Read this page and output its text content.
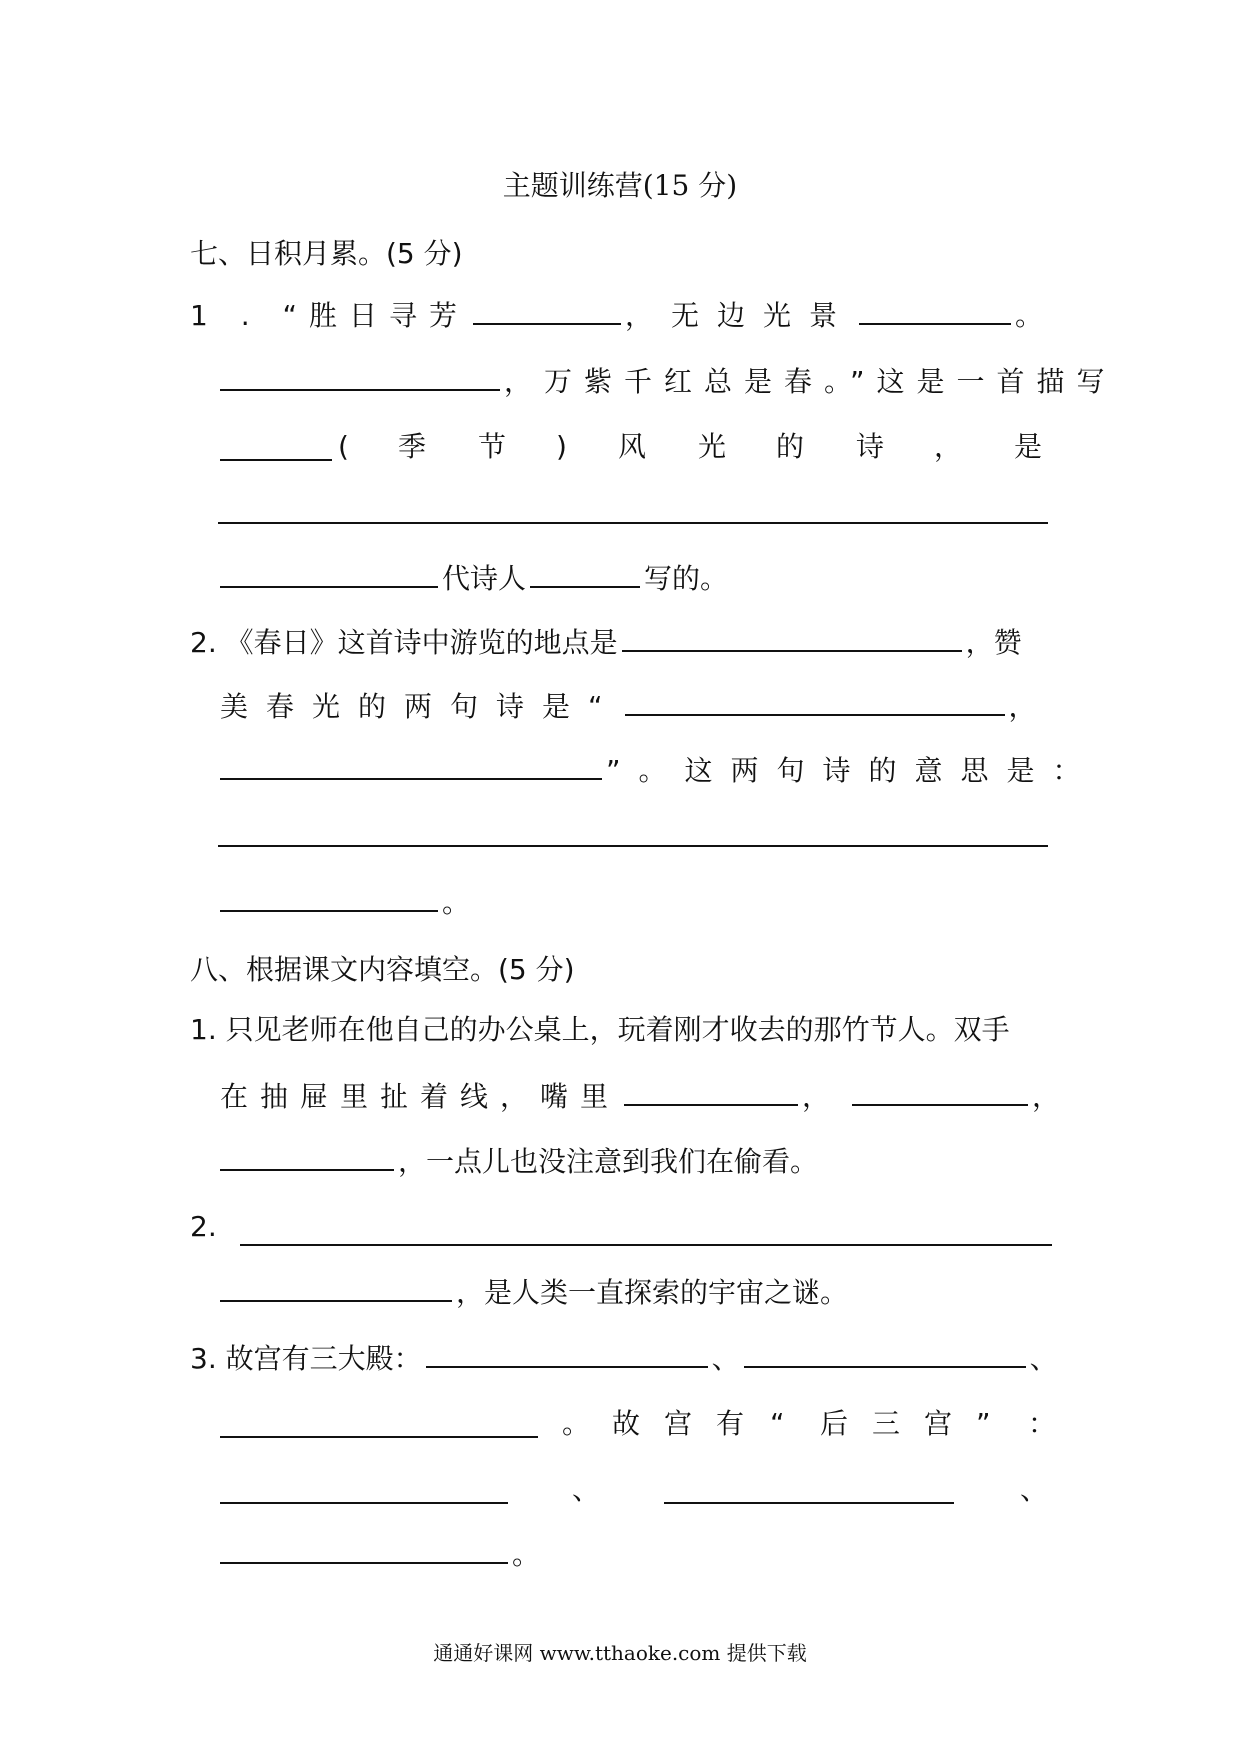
主题训练营(15 分)
七、日积月累。(5 分)
1 . “胜日寻芳	，无边光景	。
，万紫千红总是春。”这是一首描写
( 季 节 ) 风 光 的 诗 ， 是
代诗人	写的。
2. 《春日》这首诗中游览的地点是	，赞
美春光的两句诗是“	，
”。这两句诗的意思是：
。
八、根据课文内容填空。(5 分)
1. 只见老师在他自己的办公桌上，玩着刚才收去的那竹节人。双手
在抽屉里扯着线，嘴里	，	，
，一点儿也没注意到我们在偷看。
2.
，是人类一直探索的宇宙之谜。
3. 故宫有三大殿：	、	、
。 故 宫 有 “ 后 三 宫 ” ：
、	、
。
通通好课网 www.tthaoke.com 提供下载
